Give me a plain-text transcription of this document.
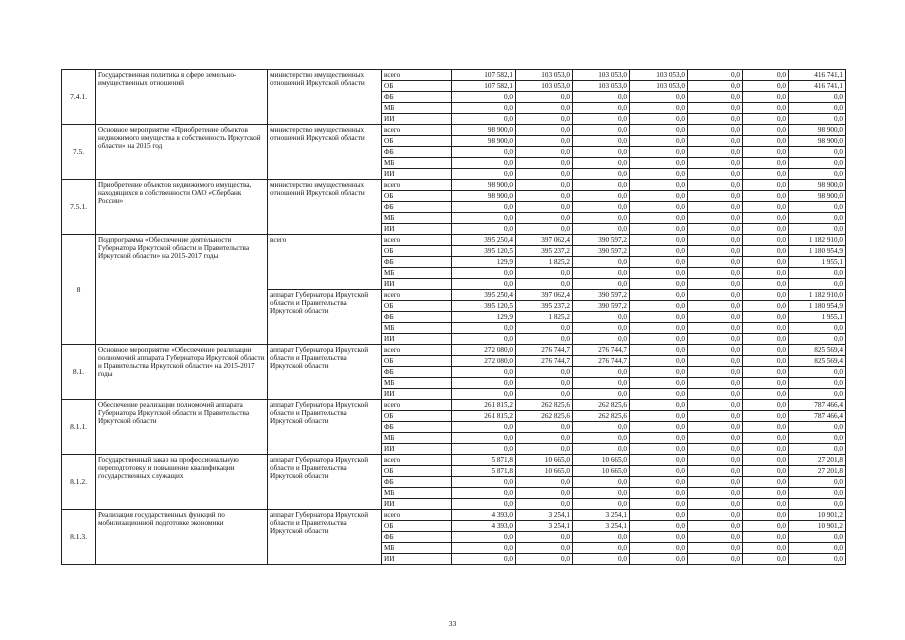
7.4.1.	Государственная политика в сфере земельно-имущественных отношений	министерство имущественных отношений Иркутской области	всего	107 582,1	103 053,0	103 053,0	103 053,0	0,0	0,0	416 741,1
			ОБ	107 582,1	103 053,0	103 053,0	103 053,0	0,0	0,0	416 741,1
			ФБ	0,0	0,0	0,0	0,0	0,0	0,0	0,0
			МБ	0,0	0,0	0,0	0,0	0,0	0,0	0,0
			ИИ	0,0	0,0	0,0	0,0	0,0	0,0	0,0
7.5.	Основное мероприятие «Приобретение объектов недвижимого имущества в собственность Иркутской области» на 2015 год	министерство имущественных отношений Иркутской области	всего	98 900,0	0,0	0,0	0,0	0,0	0,0	98 900,0
			ОБ	98 900,0	0,0	0,0	0,0	0,0	0,0	98 900,0
			ФБ	0,0	0,0	0,0	0,0	0,0	0,0	0,0
			МБ	0,0	0,0	0,0	0,0	0,0	0,0	0,0
			ИИ	0,0	0,0	0,0	0,0	0,0	0,0	0,0
7.5.1.	Приобретение объектов недвижимого имущества, находящихся в собственности ОАО «Сбербанк России»	министерство имущественных отношений Иркутской области	всего	98 900,0	0,0	0,0	0,0	0,0	0,0	98 900,0
			ОБ	98 900,0	0,0	0,0	0,0	0,0	0,0	98 900,0
			ФБ	0,0	0,0	0,0	0,0	0,0	0,0	0,0
			МБ	0,0	0,0	0,0	0,0	0,0	0,0	0,0
			ИИ	0,0	0,0	0,0	0,0	0,0	0,0	0,0
8	Подпрограмма «Обеспечение деятельности Губернатора Иркутской области и Правительства Иркутской области» на 2015-2017 годы	всего	всего	395 250,4	397 062,4	390 597,2	0,0	0,0	0,0	1 182 910,0
			ОБ	395 120,5	395 237,2	390 597,2	0,0	0,0	0,0	1 180 954,9
			ФБ	129,9	1 825,2	0,0	0,0	0,0	0,0	1 955,1
			МБ	0,0	0,0	0,0	0,0	0,0	0,0	0,0
			ИИ	0,0	0,0	0,0	0,0	0,0	0,0	0,0
		аппарат Губернатора Иркутской области и Правительства Иркутской области	всего	395 250,4	397 062,4	390 597,2	0,0	0,0	0,0	1 182 910,0
			ОБ	395 120,5	395 237,2	390 597,2	0,0	0,0	0,0	1 180 954,9
			ФБ	129,9	1 825,2	0,0	0,0	0,0	0,0	1 955,1
			МБ	0,0	0,0	0,0	0,0	0,0	0,0	0,0
			ИИ	0,0	0,0	0,0	0,0	0,0	0,0	0,0
8.1.	Основное мероприятие «Обеспечение реализации полномочий аппарата Губернатора Иркутской области и Правительства Иркутской области» на 2015-2017 годы	аппарат Губернатора Иркутской области и Правительства Иркутской области	всего	272 080,0	276 744,7	276 744,7	0,0	0,0	0,0	825 569,4
			ОБ	272 080,0	276 744,7	276 744,7	0,0	0,0	0,0	825 569,4
			ФБ	0,0	0,0	0,0	0,0	0,0	0,0	0,0
			МБ	0,0	0,0	0,0	0,0	0,0	0,0	0,0
			ИИ	0,0	0,0	0,0	0,0	0,0	0,0	0,0
8.1.1.	Обеспечение реализации полномочий аппарата Губернатора Иркутской области и Правительства Иркутской области	аппарат Губернатора Иркутской области и Правительства Иркутской области	всего	261 815,2	262 825,6	262 825,6	0,0	0,0	0,0	787 466,4
			ОБ	261 815,2	262 825,6	262 825,6	0,0	0,0	0,0	787 466,4
			ФБ	0,0	0,0	0,0	0,0	0,0	0,0	0,0
			МБ	0,0	0,0	0,0	0,0	0,0	0,0	0,0
			ИИ	0,0	0,0	0,0	0,0	0,0	0,0	0,0
8.1.2.	Государственный заказ на профессиональную переподготовку и повышение квалификации государственных служащих	аппарат Губернатора Иркутской области и Правительства Иркутской области	всего	5 871,8	10 665,0	10 665,0	0,0	0,0	0,0	27 201,8
			ОБ	5 871,8	10 665,0	10 665,0	0,0	0,0	0,0	27 201,8
			ФБ	0,0	0,0	0,0	0,0	0,0	0,0	0,0
			МБ	0,0	0,0	0,0	0,0	0,0	0,0	0,0
			ИИ	0,0	0,0	0,0	0,0	0,0	0,0	0,0
8.1.3.	Реализация государственных функций по мобилизационной подготовке экономики	аппарат Губернатора Иркутской области и Правительства Иркутской области	всего	4 393,0	3 254,1	3 254,1	0,0	0,0	0,0	10 901,2
			ОБ	4 393,0	3 254,1	3 254,1	0,0	0,0	0,0	10 901,2
			ФБ	0,0	0,0	0,0	0,0	0,0	0,0	0,0
			МБ	0,0	0,0	0,0	0,0	0,0	0,0	0,0
			ИИ	0,0	0,0	0,0	0,0	0,0	0,0	0,0
33
